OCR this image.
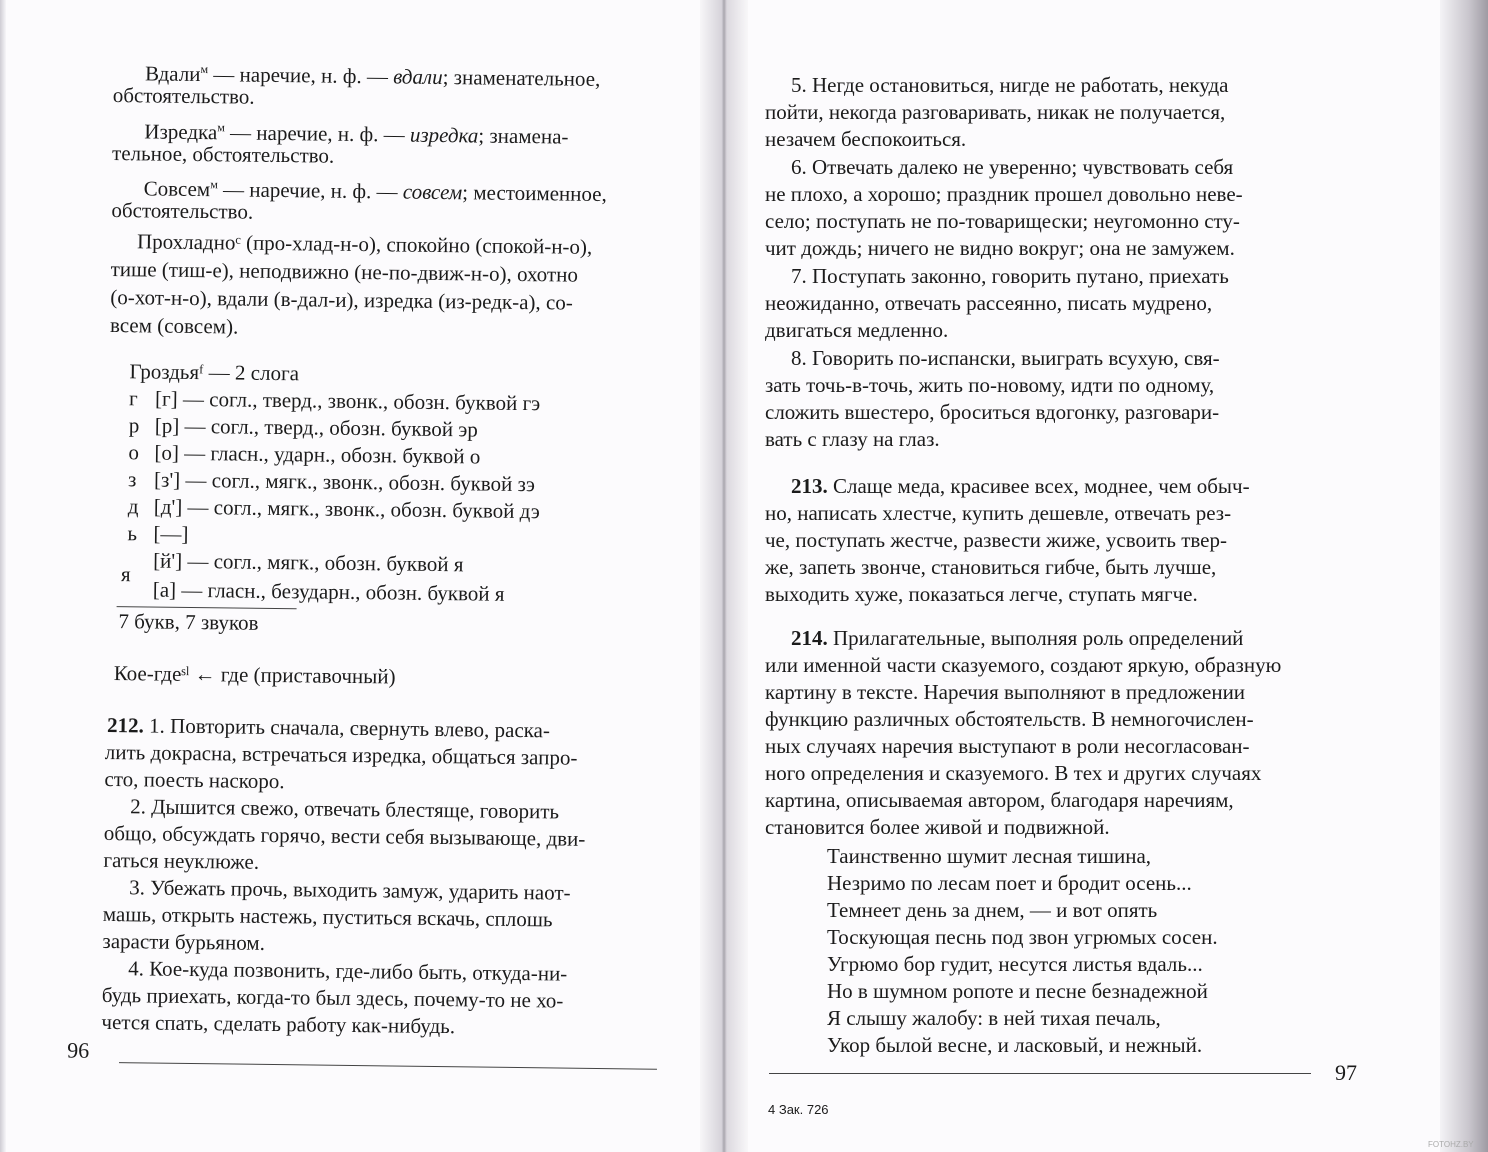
Вдали$^м$ — наречие, н. ф. — вдали; знаменательное,
обстоятельство.
Изредка$^м$ — наречие, н. ф. — изредка; знамена-
тельное, обстоятельство.
Совсем$^м$ — наречие, н. ф. — совсем; местоименное,
обстоятельство.
Прохладноᶜ (про-хлад-н-о), спокойно (спокой-н-о),
тише (тиш-е), неподвижно (не-по-движ-н-о), охотно
(о-хот-н-о), вдали (в-дал-и), изредка (из-редк-а), со-
всем (совсем).
Гроздьяᶠ — 2 слога
г [г] — согл., тверд., звонк., обозн. буквой гэ
р [р] — согл., тверд., обозн. буквой эр
о [о] — гласн., ударн., обозн. буквой о
з [з'] — согл., мягк., звонк., обозн. буквой зэ
д [д'] — согл., мягк., звонк., обозн. буквой дэ
ь [—]
[й'] — согл., мягк., обозн. буквой я
я
[а] — гласн., безударн., обозн. буквой я
7 букв, 7 звуков
Кое-гдеˢˡ ← где (приставочный)
212. 1. Повторить сначала, свернуть влево, раска-
лить докрасна, встречаться изредка, общаться запро-
сто, поесть наскоро.
2. Дышится свежо, отвечать блестяще, говорить
общо, обсуждать горячо, вести себя вызывающе, дви-
гаться неуклюже.
3. Убежать прочь, выходить замуж, ударить наот-
машь, открыть настежь, пуститься вскачь, сплошь
зарасти бурьяном.
4. Кое-куда позвонить, где-либо быть, откуда-ни-
будь приехать, когда-то был здесь, почему-то не хо-
чется спать, сделать работу как-нибудь.
96
5. Негде остановиться, нигде не работать, некуда
пойти, некогда разговаривать, никак не получается,
незачем беспокоиться.
6. Отвечать далеко не уверенно; чувствовать себя
не плохо, а хорошо; праздник прошел довольно неве-
село; поступать не по-товарищески; неугомонно сту-
чит дождь; ничего не видно вокруг; она не замужем.
7. Поступать законно, говорить путано, приехать
неожиданно, отвечать рассеянно, писать мудрено,
двигаться медленно.
8. Говорить по-испански, выиграть всухую, свя-
зать точь-в-точь, жить по-новому, идти по одному,
сложить вшестеро, броситься вдогонку, разговари-
вать с глазу на глаз.
213. Слаще меда, красивее всех, моднее, чем обыч-
но, написать хлестче, купить дешевле, отвечать рез-
че, поступать жестче, развести жиже, усвоить твер-
же, запеть звонче, становиться гибче, быть лучше,
выходить хуже, показаться легче, ступать мягче.
214. Прилагательные, выполняя роль определений
или именной части сказуемого, создают яркую, образную
картину в тексте. Наречия выполняют в предложении
функцию различных обстоятельств. В немногочислен-
ных случаях наречия выступают в роли несогласован-
ного определения и сказуемого. В тех и других случаях
картина, описываемая автором, благодаря наречиям,
становится более живой и подвижной.
Таинственно шумит лесная тишина,
Незримо по лесам поет и бродит осень...
Темнеет день за днем, — и вот опять
Тоскующая песнь под звон угрюмых сосен.
Угрюмо бор гудит, несутся листья вдаль...
Но в шумном ропоте и песне безнадежной
Я слышу жалобу: в ней тихая печаль,
Укор былой весне, и ласковый, и нежный.
97
4 Зак. 726
FOTOHZ.BY
